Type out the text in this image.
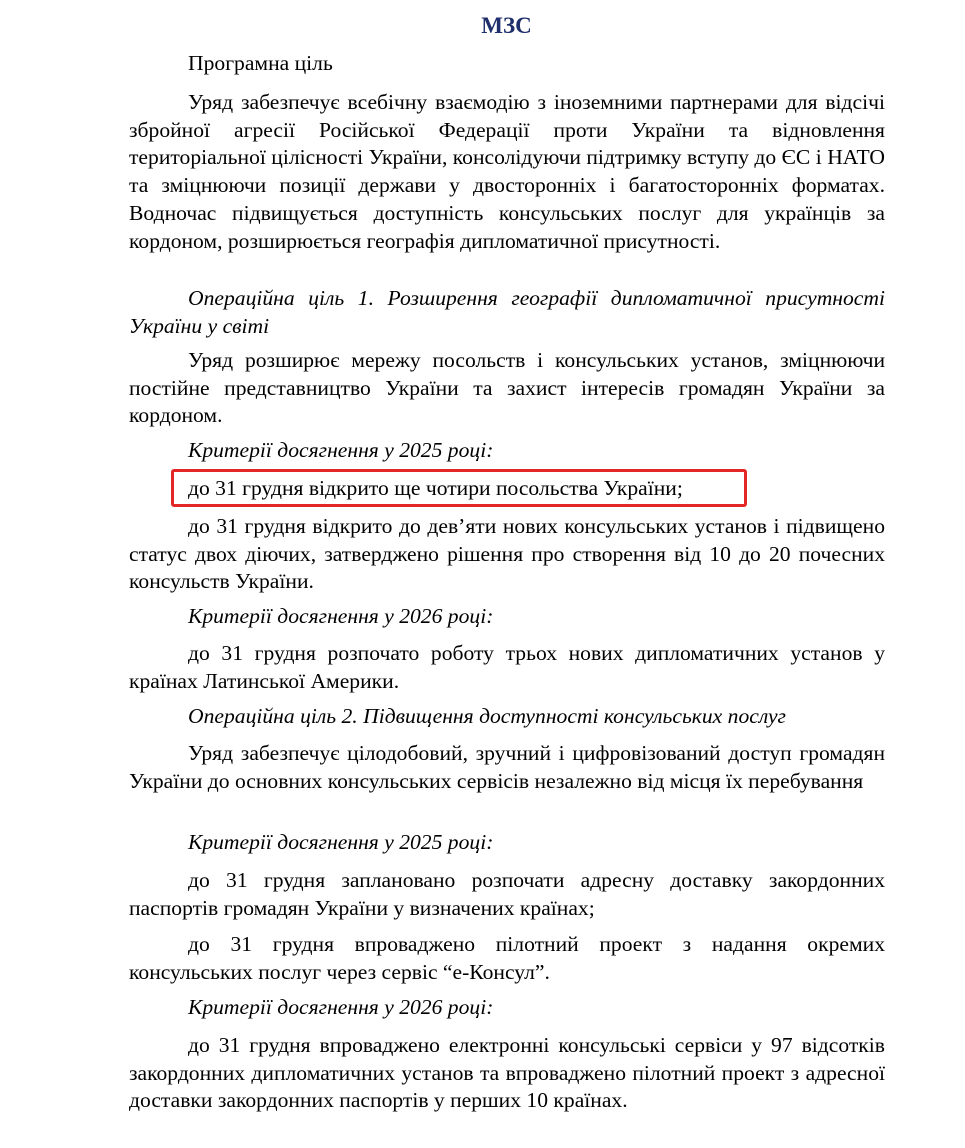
МЗС

Програмна ціль

Уряд забезпечує всебічну взаємодію з іноземними партнерами для відсічі збройної агресії Російської Федерації проти України та відновлення територіальної цілісності України, консолідуючи підтримку вступу до ЄС і НАТО та зміцнюючи позиції держави у двосторонніх і багатосторонніх форматах. Водночас підвищується доступність консульських послуг для українців за кордоном, розширюється географія дипломатичної присутності.

Операційна ціль 1. Розширення географії дипломатичної присутності України у світі

Уряд розширює мережу посольств і консульських установ, зміцнюючи постійне представництво України та захист інтересів громадян України за кордоном.

Критерії досягнення у 2025 році:

до 31 грудня відкрито ще чотири посольства України;

до 31 грудня відкрито до дев’яти нових консульських установ і підвищено статус двох діючих, затверджено рішення про створення від 10 до 20 почесних консульств України.

Критерії досягнення у 2026 році:

до 31 грудня розпочато роботу трьох нових дипломатичних установ у країнах Латинської Америки.

Операційна ціль 2. Підвищення доступності консульських послуг

Уряд забезпечує цілодобовий, зручний і цифровізований доступ громадян України до основних консульських сервісів незалежно від місця їх перебування

Критерії досягнення у 2025 році:

до 31 грудня заплановано розпочати адресну доставку закордонних паспортів громадян України у визначених країнах;

до 31 грудня впроваджено пілотний проект з надання окремих консульських послуг через сервіс “е-Консул”.

Критерії досягнення у 2026 році:

до 31 грудня впроваджено електронні консульські сервіси у 97 відсотків закордонних дипломатичних установ та впроваджено пілотний проект з адресної доставки закордонних паспортів у перших 10 країнах.
